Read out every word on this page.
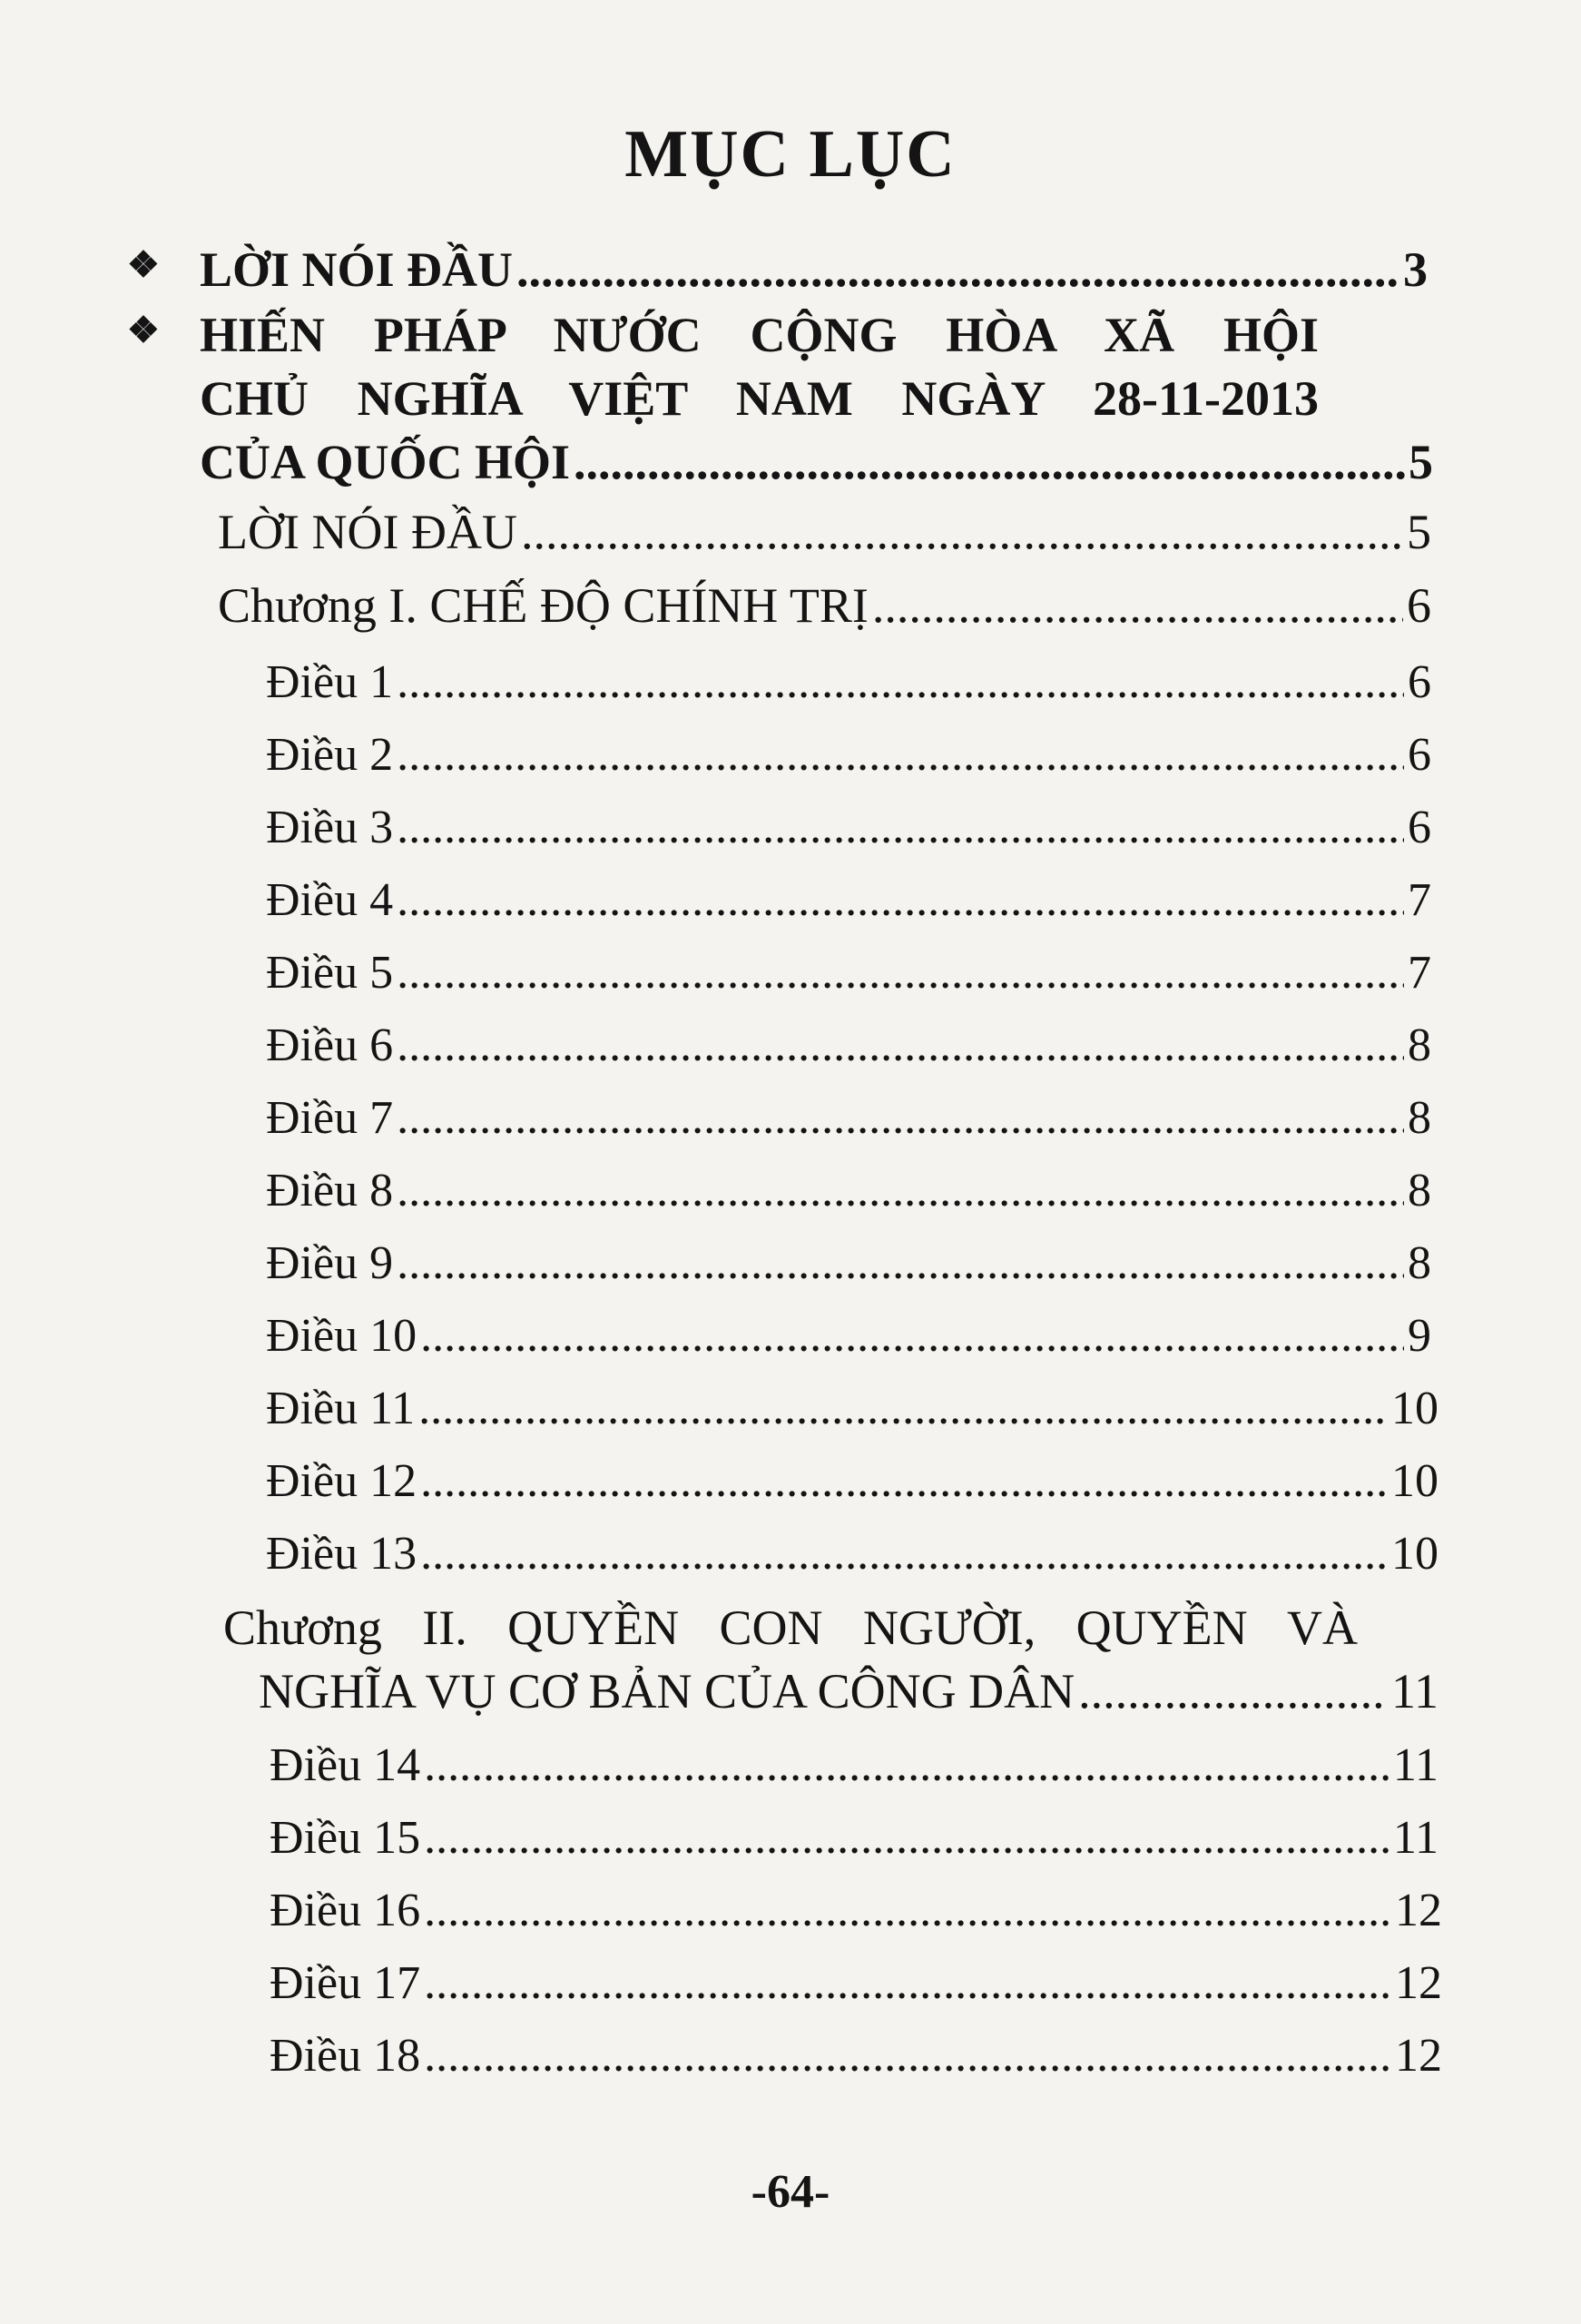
MỤC LỤC
❖ LỜI NÓI ĐẦU .....	3
❖ HIẾN PHÁP NƯỚC CỘNG HÒA XÃ HỘI
CHỦ NGHĨA VIỆT NAM NGÀY 28-11-2013
CỦA QUỐC HỘI .....	5
LỜI NÓI ĐẦU .....	5
Chương I. CHẾ ĐỘ CHÍNH TRỊ .....	6
Điều 1 .....	6
Điều 2 .....	6
Điều 3 .....	6
Điều 4 .....	7
Điều 5 .....	7
Điều 6 .....	8
Điều 7 .....	8
Điều 8 .....	8
Điều 9 .....	8
Điều 10 .....	9
Điều 11 .....	10
Điều 12 .....	10
Điều 13 .....	10
Chương II. QUYỀN CON NGƯỜI, QUYỀN VÀ
NGHĨA VỤ CƠ BẢN CỦA CÔNG DÂN .....	11
Điều 14 .....	11
Điều 15 .....	11
Điều 16 .....	12
Điều 17 .....	12
Điều 18 .....	12
-64-
